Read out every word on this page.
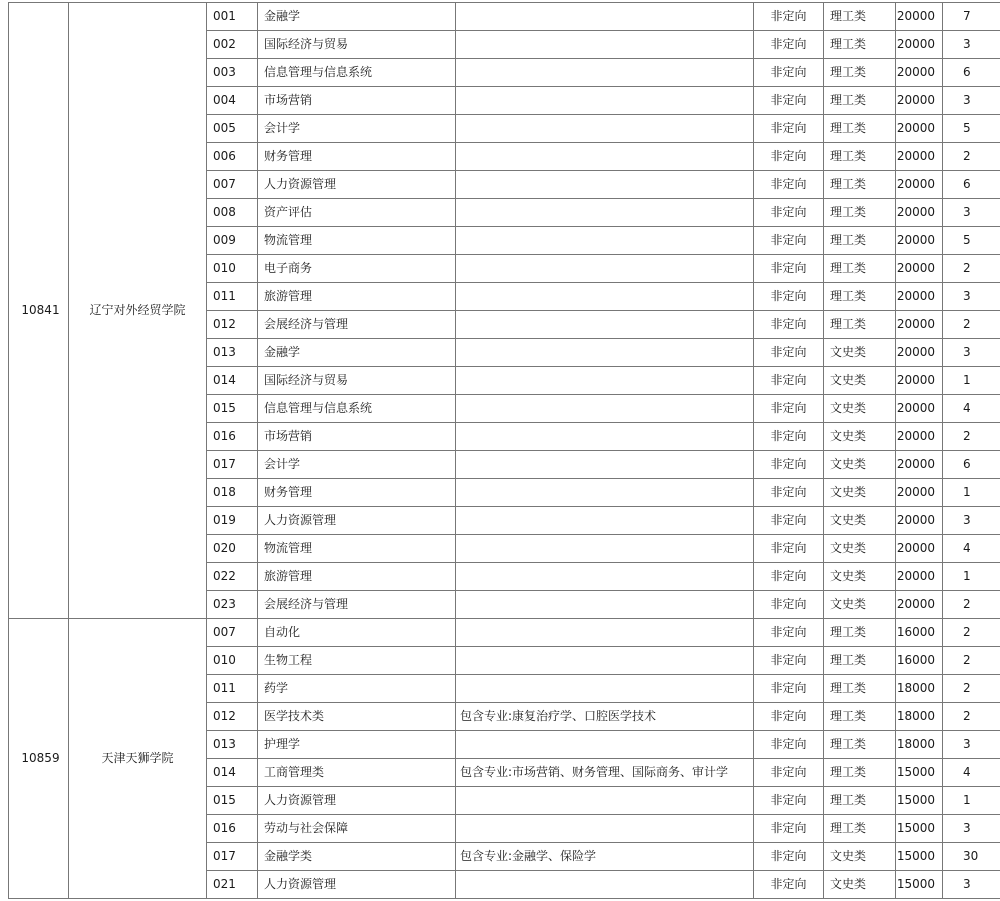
10841	辽宁对外经贸学院	001	金融学		非定向	理工类	20000	7
		002	国际经济与贸易		非定向	理工类	20000	3
		003	信息管理与信息系统		非定向	理工类	20000	6
		004	市场营销		非定向	理工类	20000	3
		005	会计学		非定向	理工类	20000	5
		006	财务管理		非定向	理工类	20000	2
		007	人力资源管理		非定向	理工类	20000	6
		008	资产评估		非定向	理工类	20000	3
		009	物流管理		非定向	理工类	20000	5
		010	电子商务		非定向	理工类	20000	2
		011	旅游管理		非定向	理工类	20000	3
		012	会展经济与管理		非定向	理工类	20000	2
		013	金融学		非定向	文史类	20000	3
		014	国际经济与贸易		非定向	文史类	20000	1
		015	信息管理与信息系统		非定向	文史类	20000	4
		016	市场营销		非定向	文史类	20000	2
		017	会计学		非定向	文史类	20000	6
		018	财务管理		非定向	文史类	20000	1
		019	人力资源管理		非定向	文史类	20000	3
		020	物流管理		非定向	文史类	20000	4
		022	旅游管理		非定向	文史类	20000	1
		023	会展经济与管理		非定向	文史类	20000	2
10859	天津天狮学院	007	自动化		非定向	理工类	16000	2
		010	生物工程		非定向	理工类	16000	2
		011	药学		非定向	理工类	18000	2
		012	医学技术类	包含专业:康复治疗学、口腔医学技术	非定向	理工类	18000	2
		013	护理学		非定向	理工类	18000	3
		014	工商管理类	包含专业:市场营销、财务管理、国际商务、审计学	非定向	理工类	15000	4
		015	人力资源管理		非定向	理工类	15000	1
		016	劳动与社会保障		非定向	理工类	15000	3
		017	金融学类	包含专业:金融学、保险学	非定向	文史类	15000	30
		021	人力资源管理		非定向	文史类	15000	3
